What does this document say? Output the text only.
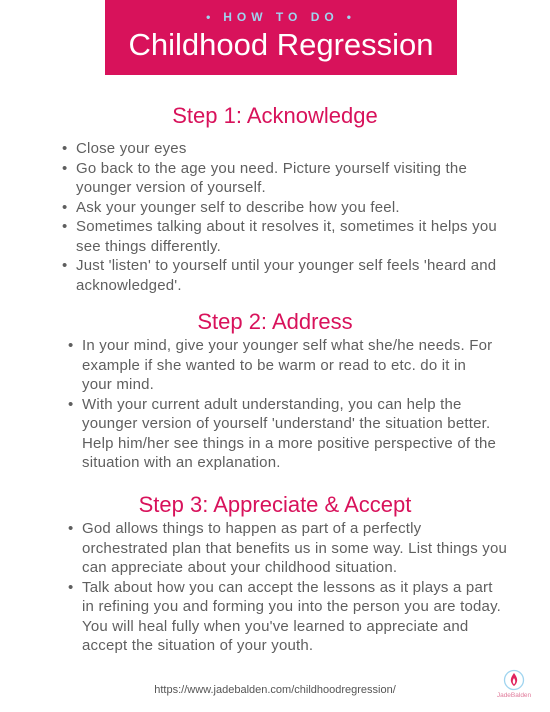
• HOW TO DO •
Childhood Regression
Step 1: Acknowledge
• Close your eyes
• Go back to the age you need. Picture yourself visiting the younger version of yourself.
• Ask your younger self to describe how you feel.
• Sometimes talking about it resolves it, sometimes it helps you see things differently.
• Just 'listen' to yourself until your younger self feels 'heard and acknowledged'.
Step 2: Address
• In your mind, give your younger self what she/he needs. For example if she wanted to be warm or read to etc. do it in your mind.
• With your current adult understanding, you can help the younger version of yourself 'understand' the situation better. Help him/her see things in a more positive perspective of the situation with an explanation.
Step 3: Appreciate & Accept
• God allows things to happen as part of a perfectly orchestrated plan that benefits us in some way. List things you can appreciate about your childhood situation.
• Talk about how you can accept the lessons as it plays a part in refining you and forming you into the person you are today. You will heal fully when you've learned to appreciate and accept the situation of your youth.
https://www.jadebalden.com/childhoodregression/	JadeBalden
